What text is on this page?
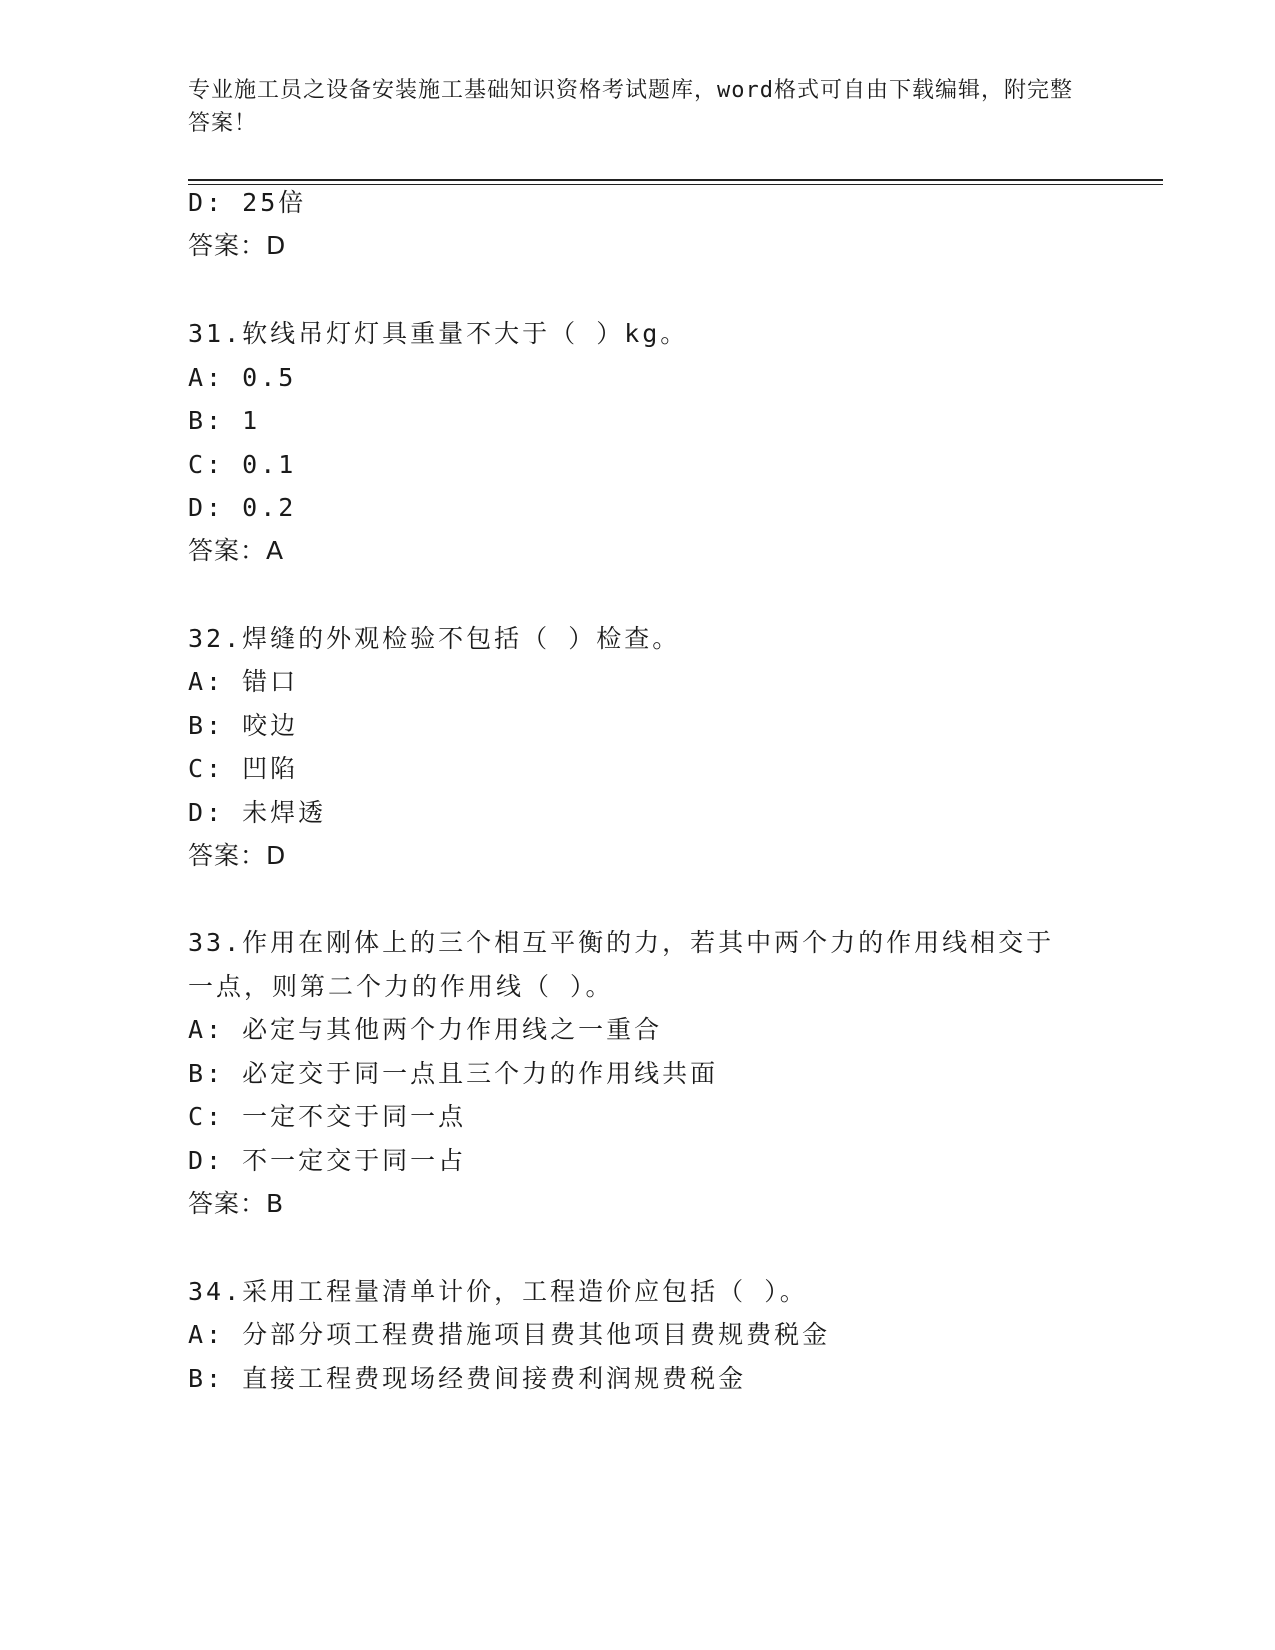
专业施工员之设备安装施工基础知识资格考试题库，word格式可自由下载编辑，附完整答案！
D: 25倍
答案：D
31.软线吊灯灯具重量不大于（ ）kg。
A: 0.5
B: 1
C: 0.1
D: 0.2
答案：A
32.焊缝的外观检验不包括（ ）检查。
A: 错口
B: 咬边
C: 凹陷
D: 未焊透
答案：D
33.作用在刚体上的三个相互平衡的力，若其中两个力的作用线相交于
一点，则第二个力的作用线（ ）。
A: 必定与其他两个力作用线之一重合
B: 必定交于同一点且三个力的作用线共面
C: 一定不交于同一点
D: 不一定交于同一占
答案：B
34.采用工程量清单计价，工程造价应包括（ ）。
A: 分部分项工程费措施项目费其他项目费规费税金
B: 直接工程费现场经费间接费利润规费税金
